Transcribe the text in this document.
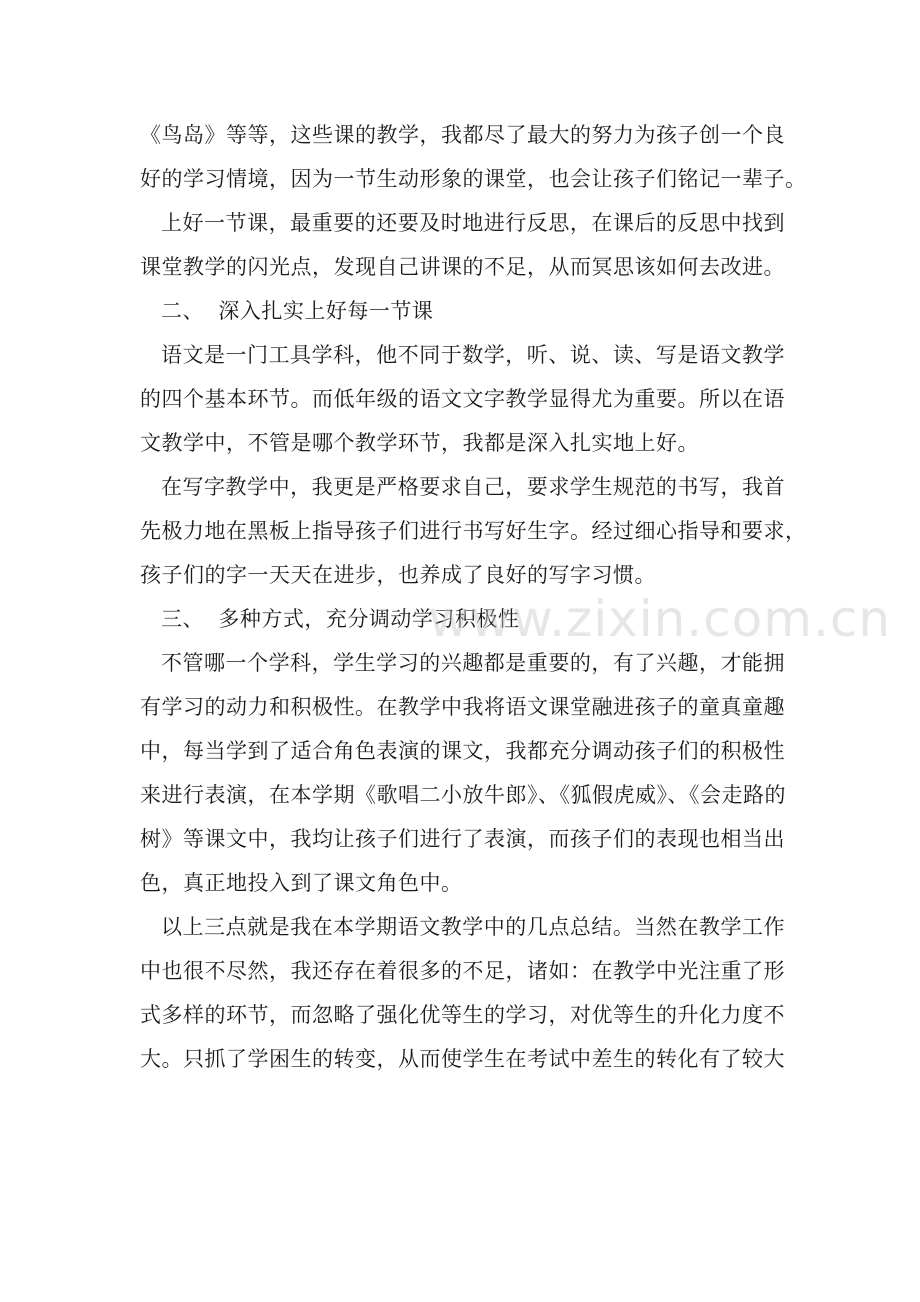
《鸟岛》等等，这些课的教学，我都尽了最大的努力为孩子创一个良
好的学习情境，因为一节生动形象的课堂，也会让孩子们铭记一辈子。
上好一节课，最重要的还要及时地进行反思，在课后的反思中找到
课堂教学的闪光点，发现自己讲课的不足，从而冥思该如何去改进。
二、  深入扎实上好每一节课
语文是一门工具学科，他不同于数学，听、说、读、写是语文教学
的四个基本环节。而低年级的语文文字教学显得尤为重要。所以在语
文教学中，不管是哪个教学环节，我都是深入扎实地上好。
在写字教学中，我更是严格要求自己，要求学生规范的书写，我首
先极力地在黑板上指导孩子们进行书写好生字。经过细心指导和要求，
孩子们的字一天天在进步，也养成了良好的写字习惯。
三、  多种方式，充分调动学习积极性
不管哪一个学科，学生学习的兴趣都是重要的，有了兴趣，才能拥
有学习的动力和积极性。在教学中我将语文课堂融进孩子的童真童趣
中，每当学到了适合角色表演的课文，我都充分调动孩子们的积极性
来进行表演，在本学期《歌唱二小放牛郎》、《狐假虎威》、《会走路的
树》等课文中，我均让孩子们进行了表演，而孩子们的表现也相当出
色，真正地投入到了课文角色中。
以上三点就是我在本学期语文教学中的几点总结。当然在教学工作
中也很不尽然，我还存在着很多的不足，诸如：在教学中光注重了形
式多样的环节，而忽略了强化优等生的学习，对优等生的升化力度不
大。只抓了学困生的转变，从而使学生在考试中差生的转化有了较大
www.zixin.com.cn
